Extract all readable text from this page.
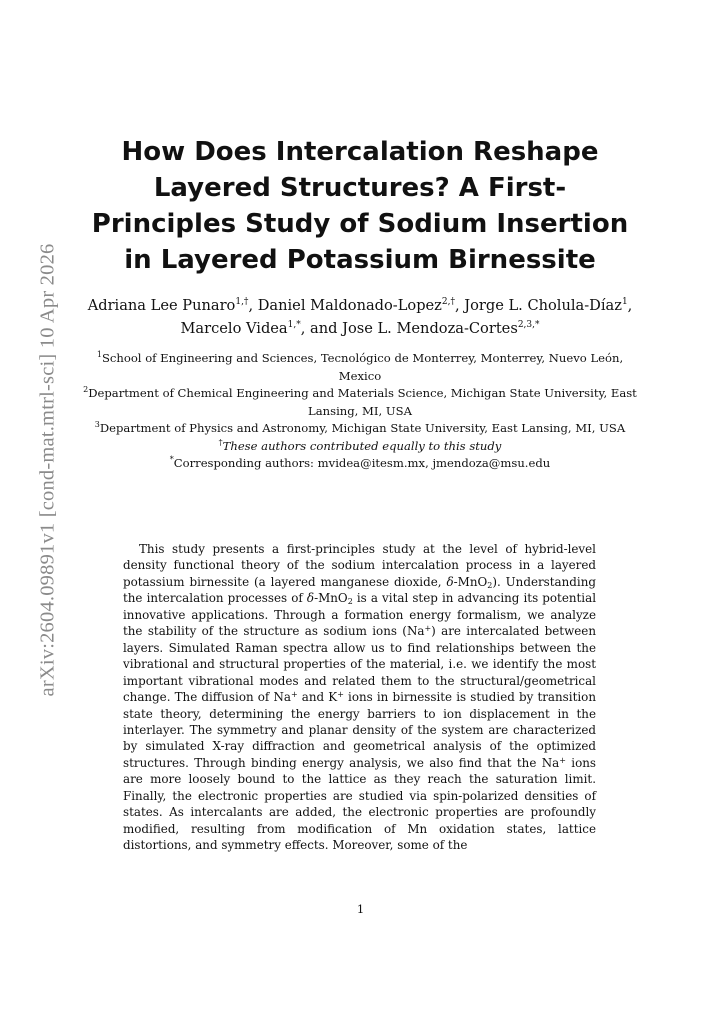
arXiv:2604.09891v1 [cond-mat.mtrl-sci] 10 Apr 2026
How Does Intercalation Reshape Layered Structures? A First-Principles Study of Sodium Insertion in Layered Potassium Birnessite
Adriana Lee Punaro$^{1,\dagger}$, Daniel Maldonado-Lopez$^{2,\dagger}$, Jorge L. Cholula-Díaz$^1$,
Marcelo Videa$^{1,*}$, and Jose L. Mendoza-Cortes$^{2,3,*}$

$^1$School of Engineering and Sciences, Tecnológico de Monterrey, Monterrey, Nuevo León, Mexico

$^2$Department of Chemical Engineering and Materials Science, Michigan State University, East Lansing, MI, USA

$^3$Department of Physics and Astronomy, Michigan State University, East Lansing, MI, USA

†These authors contributed equally to this study

*Corresponding authors: mvidea@itesm.mx, jmendoza@msu.edu

This study presents a first-principles study at the level of hybrid-level density functional theory of the sodium intercalation process in a layered potassium birnessite (a layered manganese dioxide, δ-MnO$_2$). Understanding the intercalation processes of δ-MnO$_2$ is a vital step in advancing its potential innovative applications. Through a formation energy formalism, we analyze the stability of the structure as sodium ions (Na+) are intercalated between layers. Simulated Raman spectra allow us to find relationships between the vibrational and structural properties of the material, i.e. we identify the most important vibrational modes and related them to the structural/geometrical change. The diffusion of Na+ and K+ ions in birnessite is studied by transition state theory, determining the energy barriers to ion displacement in the interlayer. The symmetry and planar density of the system are characterized by simulated X-ray diffraction and geometrical analysis of the optimized structures. Through binding energy analysis, we also find that the Na+ ions are more loosely bound to the lattice as they reach the saturation limit. Finally, the electronic properties are studied via spin-polarized densities of states. As intercalants are added, the electronic properties are profoundly modified, resulting from modification of Mn oxidation states, lattice distortions, and symmetry effects. Moreover, some of the

1
